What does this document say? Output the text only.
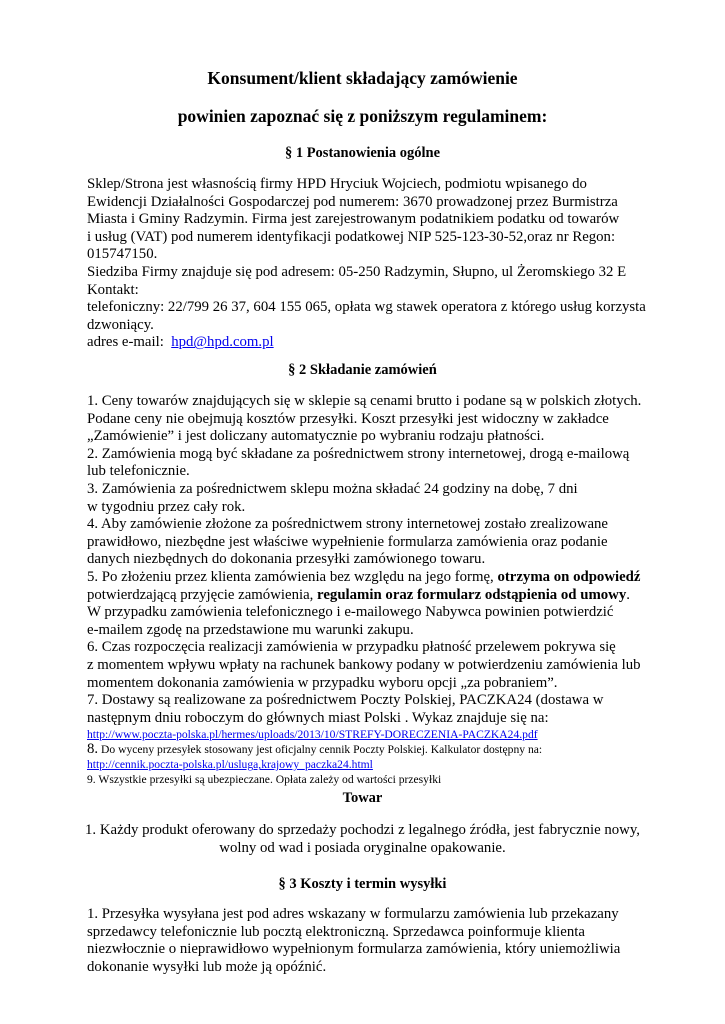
Konsument/klient składający zamówienie
powinien zapoznać się z poniższym regulaminem:
§ 1 Postanowienia ogólne
Sklep/Strona jest własnością firmy HPD Hryciuk Wojciech, podmiotu wpisanego do
Ewidencji Działalności Gospodarczej pod numerem: 3670 prowadzonej przez Burmistrza
Miasta i Gminy Radzymin. Firma jest zarejestrowanym podatnikiem podatku od towarów
i usług (VAT) pod numerem identyfikacji podatkowej NIP 525-123-30-52,oraz nr Regon:
015747150.
Siedziba Firmy znajduje się pod adresem: 05-250 Radzymin, Słupno, ul Żeromskiego 32 E
Kontakt:
telefoniczny: 22/799 26 37, 604 155 065, opłata wg stawek operatora z którego usług korzysta
dzwoniący.
adres e-mail:  hpd@hpd.com.pl
§ 2 Składanie zamówień
1. Ceny towarów znajdujących się w sklepie są cenami brutto i podane są w polskich złotych.
Podane ceny nie obejmują kosztów przesyłki. Koszt przesyłki jest widoczny w zakładce
„Zamówienie” i jest doliczany automatycznie po wybraniu rodzaju płatności.
2. Zamówienia mogą być składane za pośrednictwem strony internetowej, drogą e-mailową
lub telefonicznie.
3. Zamówienia za pośrednictwem sklepu można składać 24 godziny na dobę, 7 dni
w tygodniu przez cały rok.
4. Aby zamówienie złożone za pośrednictwem strony internetowej zostało zrealizowane
prawidłowo, niezbędne jest właściwe wypełnienie formularza zamówienia oraz podanie
danych niezbędnych do dokonania przesyłki zamówionego towaru.
5. Po złożeniu przez klienta zamówienia bez względu na jego formę, otrzyma on odpowiedź
potwierdzającą przyjęcie zamówienia, regulamin oraz formularz odstąpienia od umowy.
W przypadku zamówienia telefonicznego i e-mailowego Nabywca powinien potwierdzić
e-mailem zgodę na przedstawione mu warunki zakupu.
6. Czas rozpoczęcia realizacji zamówienia w przypadku płatność przelewem pokrywa się
z momentem wpływu wpłaty na rachunek bankowy podany w potwierdzeniu zamówienia lub
momentem dokonania zamówienia w przypadku wyboru opcji „za pobraniem”.
7. Dostawy są realizowane za pośrednictwem Poczty Polskiej, PACZKA24 (dostawa w
następnym dniu roboczym do głównych miast Polski . Wykaz znajduje się na:
http://www.poczta-polska.pl/hermes/uploads/2013/10/STREFY-DORECZENIA-PACZKA24.pdf
8. Do wyceny przesyłek stosowany jest oficjalny cennik Poczty Polskiej. Kalkulator dostępny na:
http://cennik.poczta-polska.pl/usluga,krajowy_paczka24.html
9. Wszystkie przesyłki są ubezpieczane. Opłata zależy od wartości przesyłki
Towar
1. Każdy produkt oferowany do sprzedaży pochodzi z legalnego źródła, jest fabrycznie nowy,
wolny od wad i posiada oryginalne opakowanie.
§ 3 Koszty i termin wysyłki
1. Przesyłka wysyłana jest pod adres wskazany w formularzu zamówienia lub przekazany
sprzedawcy telefonicznie lub pocztą elektroniczną. Sprzedawca poinformuje klienta
niezwłocznie o nieprawidłowo wypełnionym formularza zamówienia, który uniemożliwia
dokonanie wysyłki lub może ją opóźnić.
